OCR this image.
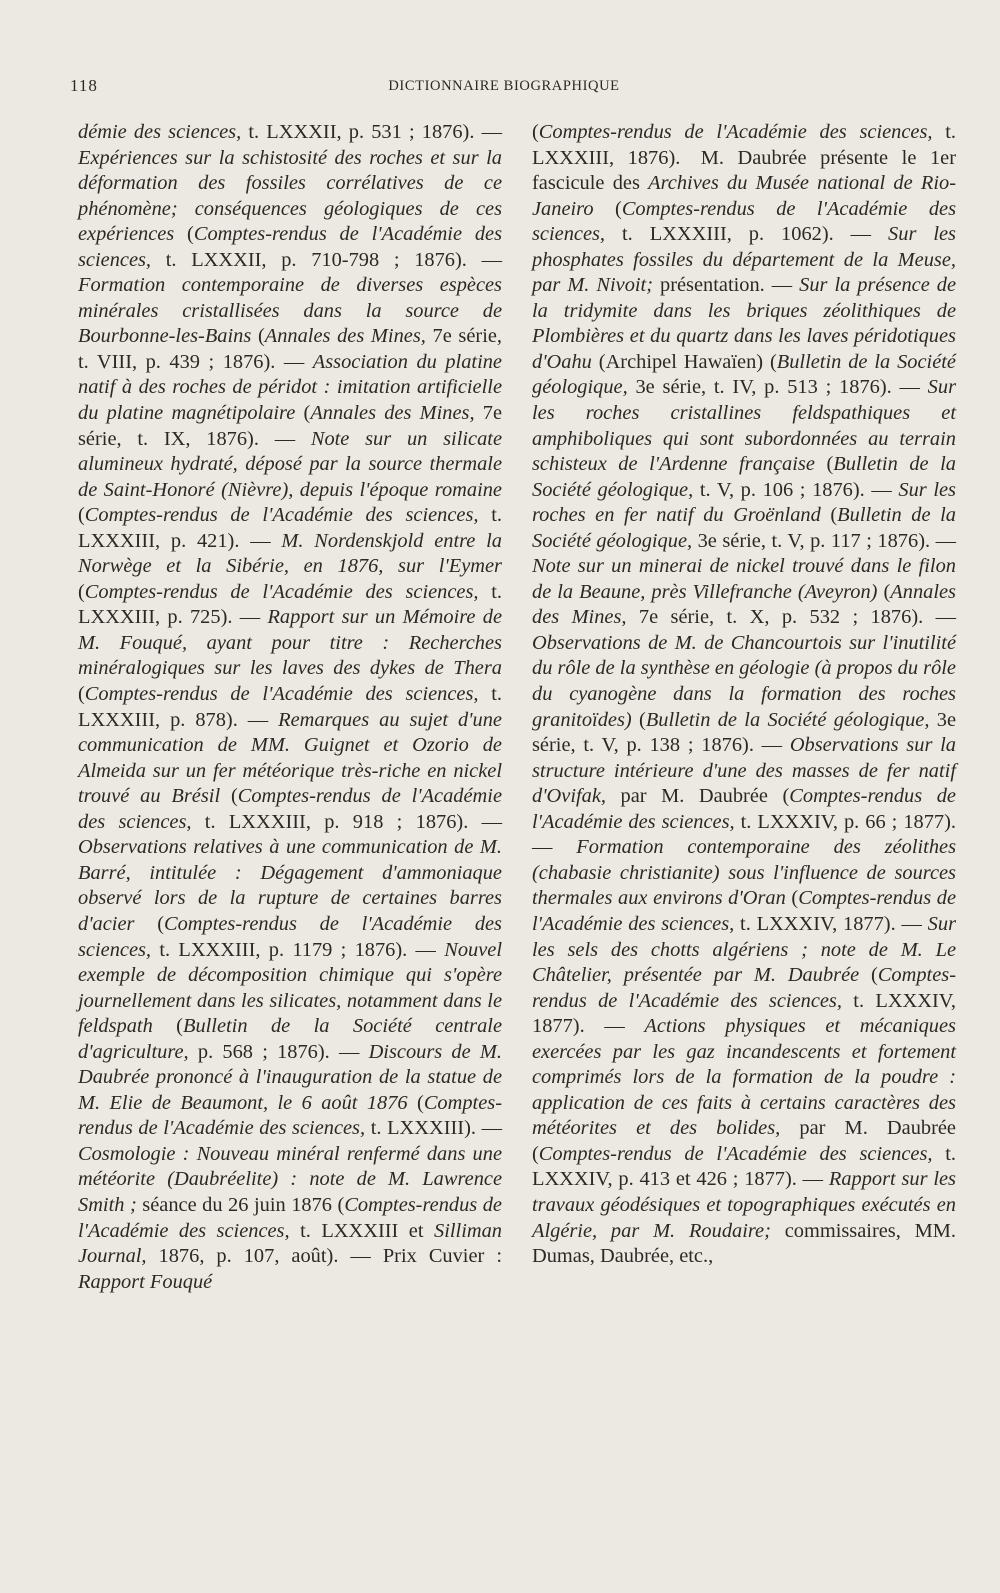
118	DICTIONNAIRE BIOGRAPHIQUE

démie des sciences, t. LXXXII, p. 531 ; 1876). — Expériences sur la schistosité des roches et sur la déformation des fossiles corrélatives de ce phénomène; conséquences géologiques de ces expériences (Comptes-rendus de l'Académie des sciences, t. LXXXII, p. 710-798 ; 1876). — Formation contemporaine de diverses espèces minérales cristallisées dans la source de Bourbonne-les-Bains (Annales des Mines, 7e série, t. VIII, p. 439 ; 1876). — Association du platine natif à des roches de péridot : imitation artificielle du platine magnétipolaire (Annales des Mines, 7e série, t. IX, 1876). — Note sur un silicate alumineux hydraté, déposé par la source thermale de Saint-Honoré (Nièvre), depuis l'époque romaine (Comptes-rendus de l'Académie des sciences, t. LXXXIII, p. 421). — M. Nordenskjold entre la Norwège et la Sibérie, en 1876, sur l'Eymer (Comptes-rendus de l'Académie des sciences, t. LXXXIII, p. 725). — Rapport sur un Mémoire de M. Fouqué, ayant pour titre : Recherches minéralogiques sur les laves des dykes de Thera (Comptes-rendus de l'Académie des sciences, t. LXXXIII, p. 878). — Remarques au sujet d'une communication de MM. Guignet et Ozorio de Almeida sur un fer météorique très-riche en nickel trouvé au Brésil (Comptes-rendus de l'Académie des sciences, t. LXXXIII, p. 918 ; 1876). — Observations relatives à une communication de M. Barré, intitulée : Dégagement d'ammoniaque observé lors de la rupture de certaines barres d'acier (Comptes-rendus de l'Académie des sciences, t. LXXXIII, p. 1179 ; 1876). — Nouvel exemple de décomposition chimique qui s'opère journellement dans les silicates, notamment dans le feldspath (Bulletin de la Société centrale d'agriculture, p. 568 ; 1876). — Discours de M. Daubrée prononcé à l'inauguration de la statue de M. Elie de Beaumont, le 6 août 1876 (Comptes-rendus de l'Académie des sciences, t. LXXXIII). — Cosmologie : Nouveau minéral renfermé dans une météorite (Daubréelite) : note de M. Lawrence Smith ; séance du 26 juin 1876 (Comptes-rendus de l'Académie des sciences, t. LXXXIII et Silliman Journal, 1876, p. 107, août). — Prix Cuvier : Rapport Fouqué

(Comptes-rendus de l'Académie des sciences, t. LXXXIII, 1876). M. Daubrée présente le 1er fascicule des Archives du Musée national de Rio-Janeiro (Comptes-rendus de l'Académie des sciences, t. LXXXIII, p. 1062). — Sur les phosphates fossiles du département de la Meuse, par M. Nivoit; présentation. — Sur la présence de la tridymite dans les briques zéolithiques de Plombières et du quartz dans les laves péridotiques d'Oahu (Archipel Hawaïen) (Bulletin de la Société géologique, 3e série, t. IV, p. 513 ; 1876). — Sur les roches cristallines feldspathiques et amphiboliques qui sont subordonnées au terrain schisteux de l'Ardenne française (Bulletin de la Société géologique, t. V, p. 106 ; 1876). — Sur les roches en fer natif du Groënland (Bulletin de la Société géologique, 3e série, t. V, p. 117 ; 1876). — Note sur un minerai de nickel trouvé dans le filon de la Beaune, près Villefranche (Aveyron) (Annales des Mines, 7e série, t. X, p. 532 ; 1876). — Observations de M. de Chancourtois sur l'inutilité du rôle de la synthèse en géologie (à propos du rôle du cyanogène dans la formation des roches granitoïdes) (Bulletin de la Société géologique, 3e série, t. V, p. 138 ; 1876). — Observations sur la structure intérieure d'une des masses de fer natif d'Ovifak, par M. Daubrée (Comptes-rendus de l'Académie des sciences, t. LXXXIV, p. 66 ; 1877). — Formation contemporaine des zéolithes (chabasie christianite) sous l'influence de sources thermales aux environs d'Oran (Comptes-rendus de l'Académie des sciences, t. LXXXIV, 1877). — Sur les sels des chotts algériens ; note de M. Le Châtelier, présentée par M. Daubrée (Comptes-rendus de l'Académie des sciences, t. LXXXIV, 1877). — Actions physiques et mécaniques exercées par les gaz incandescents et fortement comprimés lors de la formation de la poudre : application de ces faits à certains caractères des météorites et des bolides, par M. Daubrée (Comptes-rendus de l'Académie des sciences, t. LXXXIV, p. 413 et 426 ; 1877). — Rapport sur les travaux géodésiques et topographiques exécutés en Algérie, par M. Roudaire; commissaires, MM. Dumas, Daubrée, etc.,
